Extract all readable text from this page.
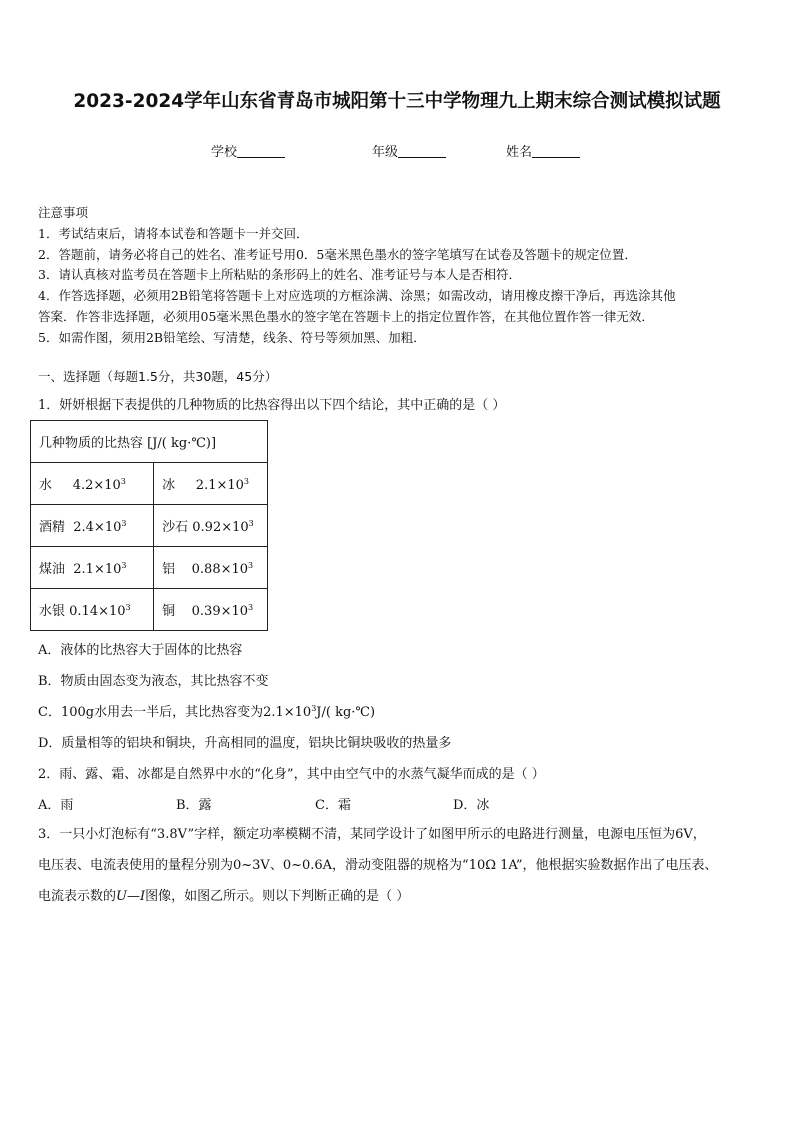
2023-2024学年山东省青岛市城阳第十三中学物理九上期末综合测试模拟试题
学校	年级	姓名
注意事项
1．考试结束后，请将本试卷和答题卡一并交回．
2．答题前，请务必将自己的姓名、准考证号用0．5毫米黑色墨水的签字笔填写在试卷及答题卡的规定位置．
3．请认真核对监考员在答题卡上所粘贴的条形码上的姓名、准考证号与本人是否相符．
4．作答选择题，必须用2B铅笔将答题卡上对应选项的方框涂满、涂黑；如需改动，请用橡皮擦干净后，再选涂其他
答案．作答非选择题，必须用05毫米黑色墨水的签字笔在答题卡上的指定位置作答，在其他位置作答一律无效．
5．如需作图，须用2B铅笔绘、写清楚，线条、符号等须加黑、加粗．
一、选择题（每题1.5分，共30题，45分）
1．妍妍根据下表提供的几种物质的比热容得出以下四个结论，其中正确的是（ ）
几种物质的比热容 [J/( kg·℃)]		
水 $4.2\times 10^3$	冰 $2.1\times 10^3$
酒精 $2.4\times 10^3$	沙石 $0.92\times 10^3$
煤油 $2.1\times 10^3$	铝 $0.88\times 10^3$
水银 $0.14\times 10^3$	铜 $0.39\times 10^3$
A．液体的比热容大于固体的比热容
B．物质由固态变为液态，其比热容不变
C．100g水用去一半后，其比热容变为$2.1\times 10^3J/$( kg·℃)
D．质量相等的铝块和铜块，升高相同的温度，铝块比铜块吸收的热量多
2．雨、露、霜、冰都是自然界中水的“化身”，其中由空气中的水蒸气凝华而成的是（ ）
A．雨	B．露	C．霜	D．冰
3．一只小灯泡标有“3.8V”字样，额定功率模糊不清，某同学设计了如图甲所示的电路进行测量，电源电压恒为6V，
电压表、电流表使用的量程分别为0~3V、0~0.6A，滑动变阻器的规格为“10Ω 1A”，他根据实验数据作出了电压表、
电流表示数的U—I图像，如图乙所示。则以下判断正确的是（ ）
